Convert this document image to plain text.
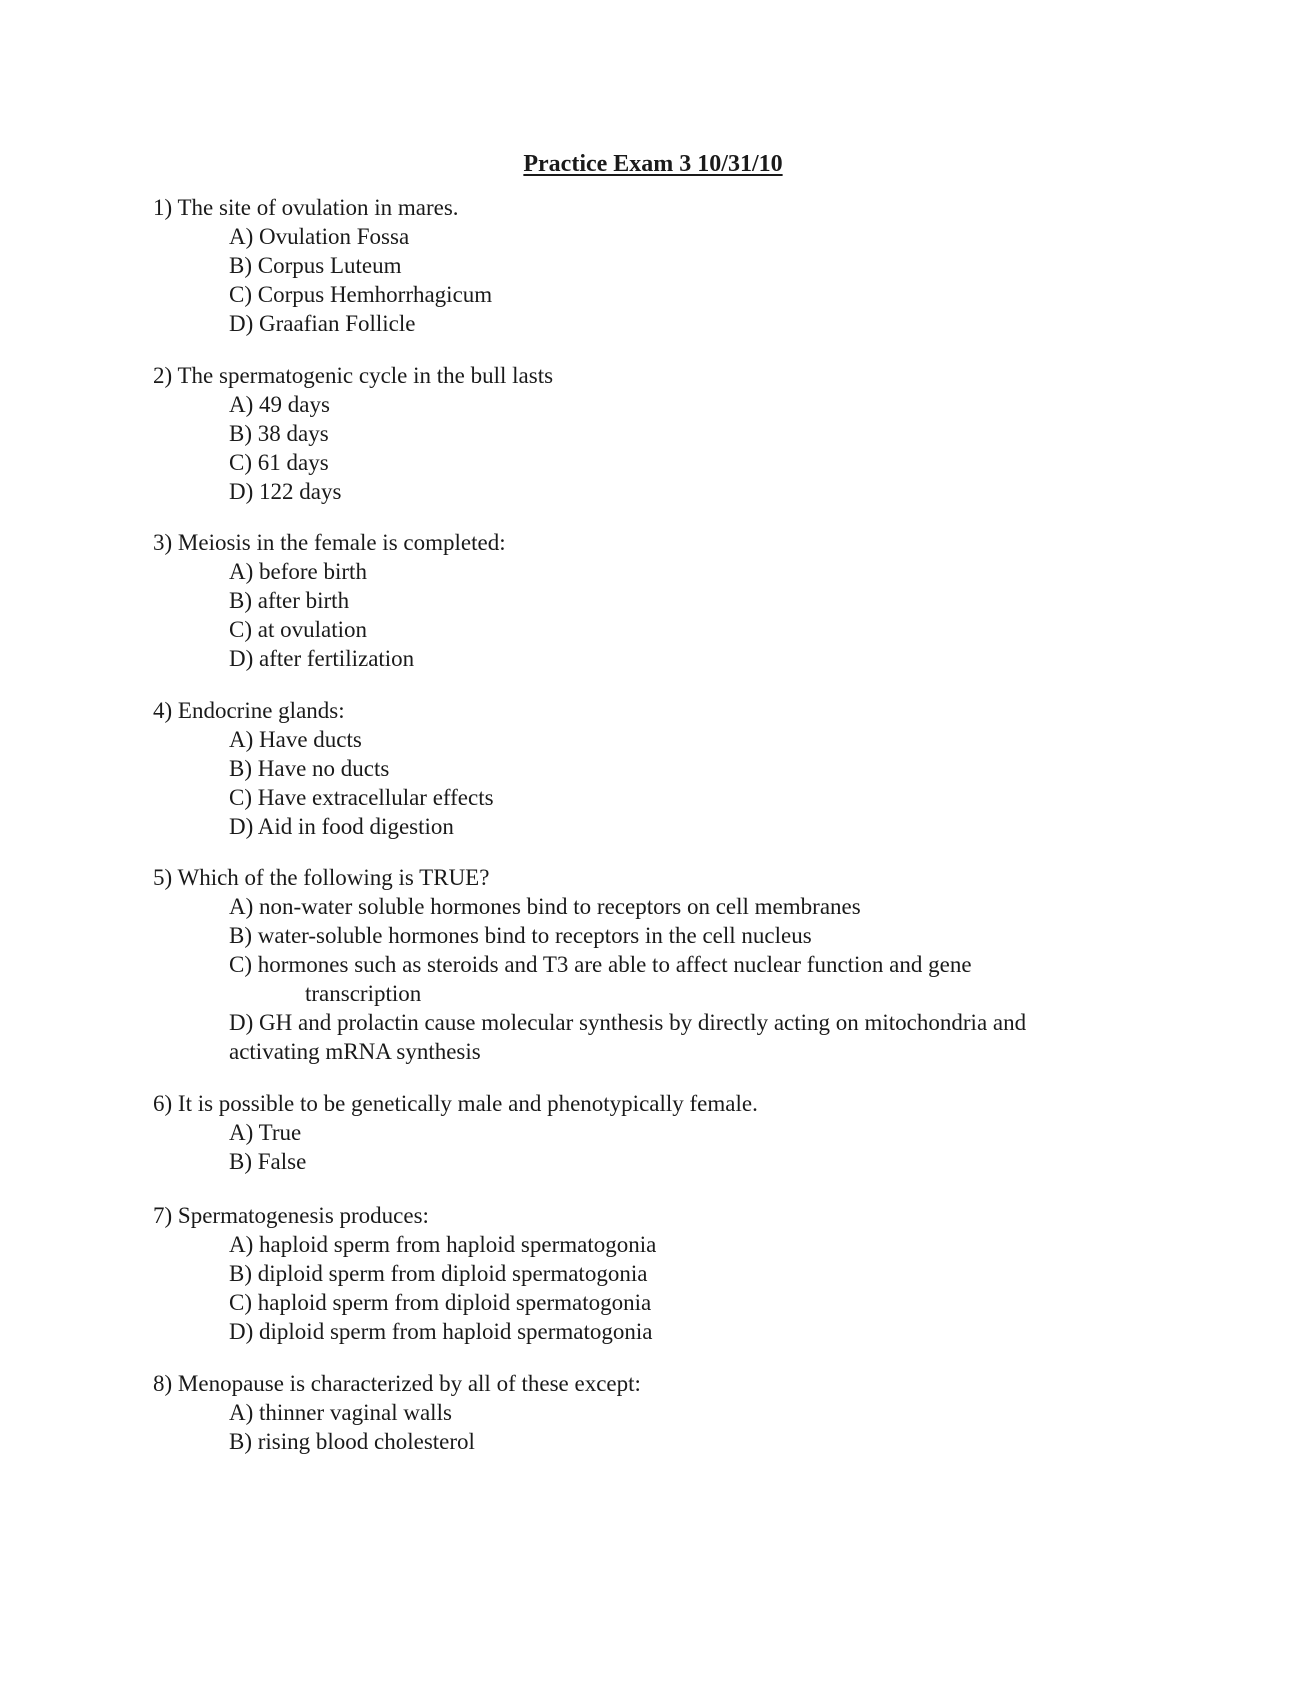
Practice Exam 3 10/31/10

1) The site of ovulation in mares.

A) Ovulation Fossa

B) Corpus Luteum

C) Corpus Hemhorrhagicum

D) Graafian Follicle

2) The spermatogenic cycle in the bull lasts

A) 49 days

B) 38 days

C) 61 days

D) 122 days

3) Meiosis in the female is completed:

A) before birth

B) after birth

C) at ovulation

D) after fertilization

4) Endocrine glands:

A) Have ducts

B) Have no ducts

C) Have extracellular effects

D) Aid in food digestion

5) Which of the following is TRUE?

A) non-water soluble hormones bind to receptors on cell membranes

B) water-soluble hormones bind to receptors in the cell nucleus

C) hormones such as steroids and T3 are able to affect nuclear function and gene

transcription

D) GH and prolactin cause molecular synthesis by directly acting on mitochondria and

activating mRNA synthesis

6) It is possible to be genetically male and phenotypically female.

A) True

B) False

7) Spermatogenesis produces:

A) haploid sperm from haploid spermatogonia

B) diploid sperm from diploid spermatogonia

C) haploid sperm from diploid spermatogonia

D) diploid sperm from haploid spermatogonia

8) Menopause is characterized by all of these except:

A) thinner vaginal walls

B) rising blood cholesterol
